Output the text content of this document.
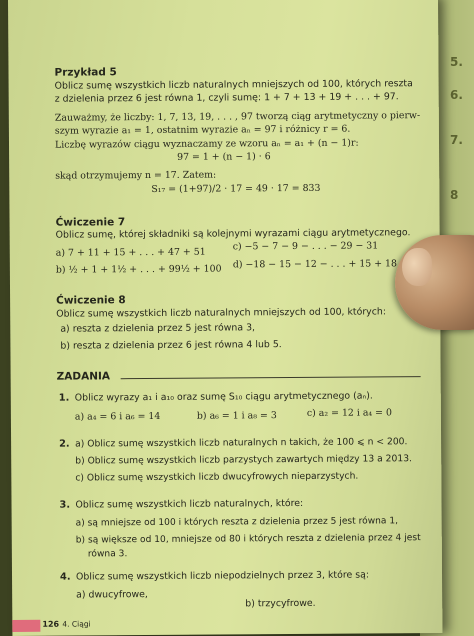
5.
6.
7.
8
Przykład 5
Oblicz sumę wszystkich liczb naturalnych mniejszych od 100, których reszta
z dzielenia przez 6 jest równa 1, czyli sumę: 1 + 7 + 13 + 19 + . . . + 97.
Zauważmy, że liczby: 1, 7, 13, 19, . . . , 97 tworzą ciąg arytmetyczny o pierw-
szym wyrazie a₁ = 1, ostatnim wyrazie aₙ = 97 i różnicy r = 6.
Liczbę wyrazów ciągu wyznaczamy ze wzoru aₙ = a₁ + (n − 1)r:
97 = 1 + (n − 1) · 6
skąd otrzymujemy n = 17. Zatem:
S₁₇ = (1+97)/2 · 17 = 49 · 17 = 833
Ćwiczenie 7
Oblicz sumę, której składniki są kolejnymi wyrazami ciągu arytmetycznego.
a) 7 + 11 + 15 + . . . + 47 + 51
c) −5 − 7 − 9 − . . . − 29 − 31
b) ½ + 1 + 1½ + . . . + 99½ + 100 d) −18 − 15 − 12 − . . . + 15 + 18
Ćwiczenie 8
Oblicz sumę wszystkich liczb naturalnych mniejszych od 100, których:
a) reszta z dzielenia przez 5 jest równa 3,
b) reszta z dzielenia przez 6 jest równa 4 lub 5.
ZADANIA
1. Oblicz wyrazy a₁ i a₁₀ oraz sumę S₁₀ ciągu arytmetycznego (aₙ).
a) a₄ = 6 i a₆ = 14	b) a₆ = 1 i a₈ = 3	c) a₂ = 12 i a₄ = 0
2. a) Oblicz sumę wszystkich liczb naturalnych n takich, że 100 ⩽ n < 200.
b) Oblicz sumę wszystkich liczb parzystych zawartych między 13 a 2013.
c) Oblicz sumę wszystkich liczb dwucyfrowych nieparzystych.
3. Oblicz sumę wszystkich liczb naturalnych, które:
a) są mniejsze od 100 i których reszta z dzielenia przez 5 jest równa 1,
b) są większe od 10, mniejsze od 80 i których reszta z dzielenia przez 4 jest
równa 3.
4. Oblicz sumę wszystkich liczb niepodzielnych przez 3, które są:
a) dwucyfrowe,
b) trzycyfrowe.
126 4. Ciągi
